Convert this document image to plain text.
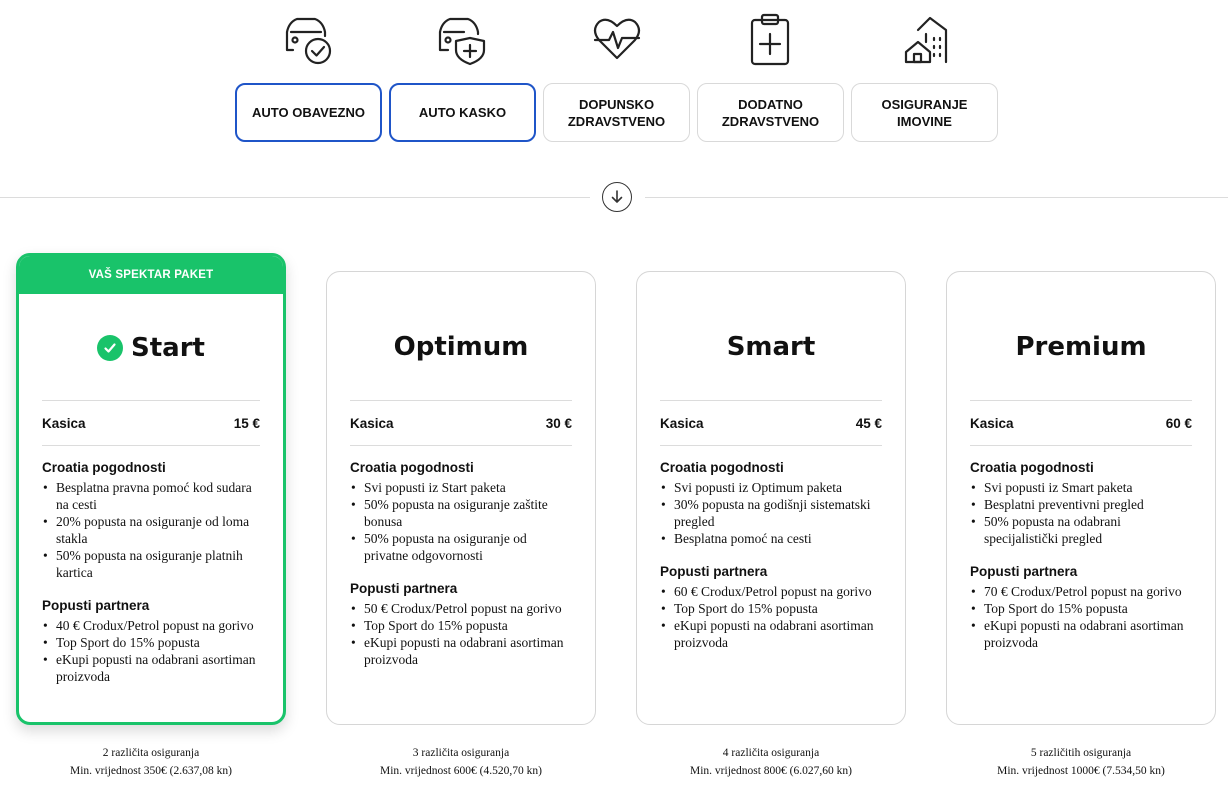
AUTO OBAVEZNO	AUTO KASKO
DOPUNSKO ZDRAVSTVENO
DODATNO ZDRAVSTVENO
OSIGURANJE IMOVINE
VAŠ SPEKTAR PAKET
Start
Kasica	15 €
Croatia pogodnosti
• Besplatna pravna pomoć kod sudara na cesti
• 20% popusta na osiguranje od loma stakla
• 50% popusta na osiguranje platnih kartica
Popusti partnera
• 40 € Crodux/Petrol popust na gorivo
• Top Sport do 15% popusta
• eKupi popusti na odabrani asortiman proizvoda
Optimum
Kasica	30 €
Croatia pogodnosti
• Svi popusti iz Start paketa
• 50% popusta na osiguranje zaštite bonusa
• 50% popusta na osiguranje od privatne odgovornosti
Popusti partnera
• 50 € Crodux/Petrol popust na gorivo
• Top Sport do 15% popusta
• eKupi popusti na odabrani asortiman proizvoda
Smart
Kasica	45 €
Croatia pogodnosti
• Svi popusti iz Optimum paketa
• 30% popusta na godišnji sistematski pregled
• Besplatna pomoć na cesti
Popusti partnera
• 60 € Crodux/Petrol popust na gorivo
• Top Sport do 15% popusta
• eKupi popusti na odabrani asortiman proizvoda
Premium
Kasica	60 €
Croatia pogodnosti
• Svi popusti iz Smart paketa
• Besplatni preventivni pregled
• 50% popusta na odabrani specijalistički pregled
Popusti partnera
• 70 € Crodux/Petrol popust na gorivo
• Top Sport do 15% popusta
• eKupi popusti na odabrani asortiman proizvoda
2 različita osiguranja
Min. vrijednost 350€ (2.637,08 kn)
3 različita osiguranja
Min. vrijednost 600€ (4.520,70 kn)
4 različita osiguranja
Min. vrijednost 800€ (6.027,60 kn)
5 različitih osiguranja
Min. vrijednost 1000€ (7.534,50 kn)
